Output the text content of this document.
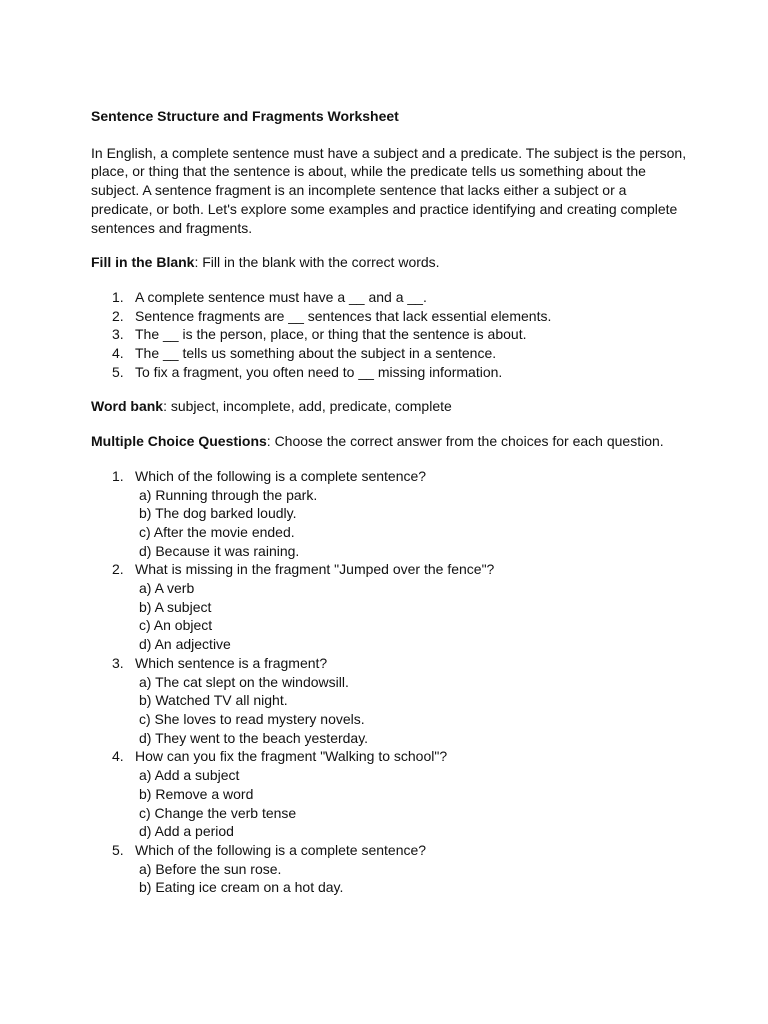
Sentence Structure and Fragments Worksheet

In English, a complete sentence must have a subject and a predicate. The subject is the person, place, or thing that the sentence is about, while the predicate tells us something about the subject. A sentence fragment is an incomplete sentence that lacks either a subject or a predicate, or both. Let's explore some examples and practice identifying and creating complete sentences and fragments.

Fill in the Blank: Fill in the blank with the correct words.

1. A complete sentence must have a __ and a __.
2. Sentence fragments are __ sentences that lack essential elements.
3. The __ is the person, place, or thing that the sentence is about.
4. The __ tells us something about the subject in a sentence.
5. To fix a fragment, you often need to __ missing information.

Word bank: subject, incomplete, add, predicate, complete

Multiple Choice Questions: Choose the correct answer from the choices for each question.

1. Which of the following is a complete sentence?
a) Running through the park.
b) The dog barked loudly.
c) After the movie ended.
d) Because it was raining.
2. What is missing in the fragment "Jumped over the fence"?
a) A verb
b) A subject
c) An object
d) An adjective
3. Which sentence is a fragment?
a) The cat slept on the windowsill.
b) Watched TV all night.
c) She loves to read mystery novels.
d) They went to the beach yesterday.
4. How can you fix the fragment "Walking to school"?
a) Add a subject
b) Remove a word
c) Change the verb tense
d) Add a period
5. Which of the following is a complete sentence?
a) Before the sun rose.
b) Eating ice cream on a hot day.
